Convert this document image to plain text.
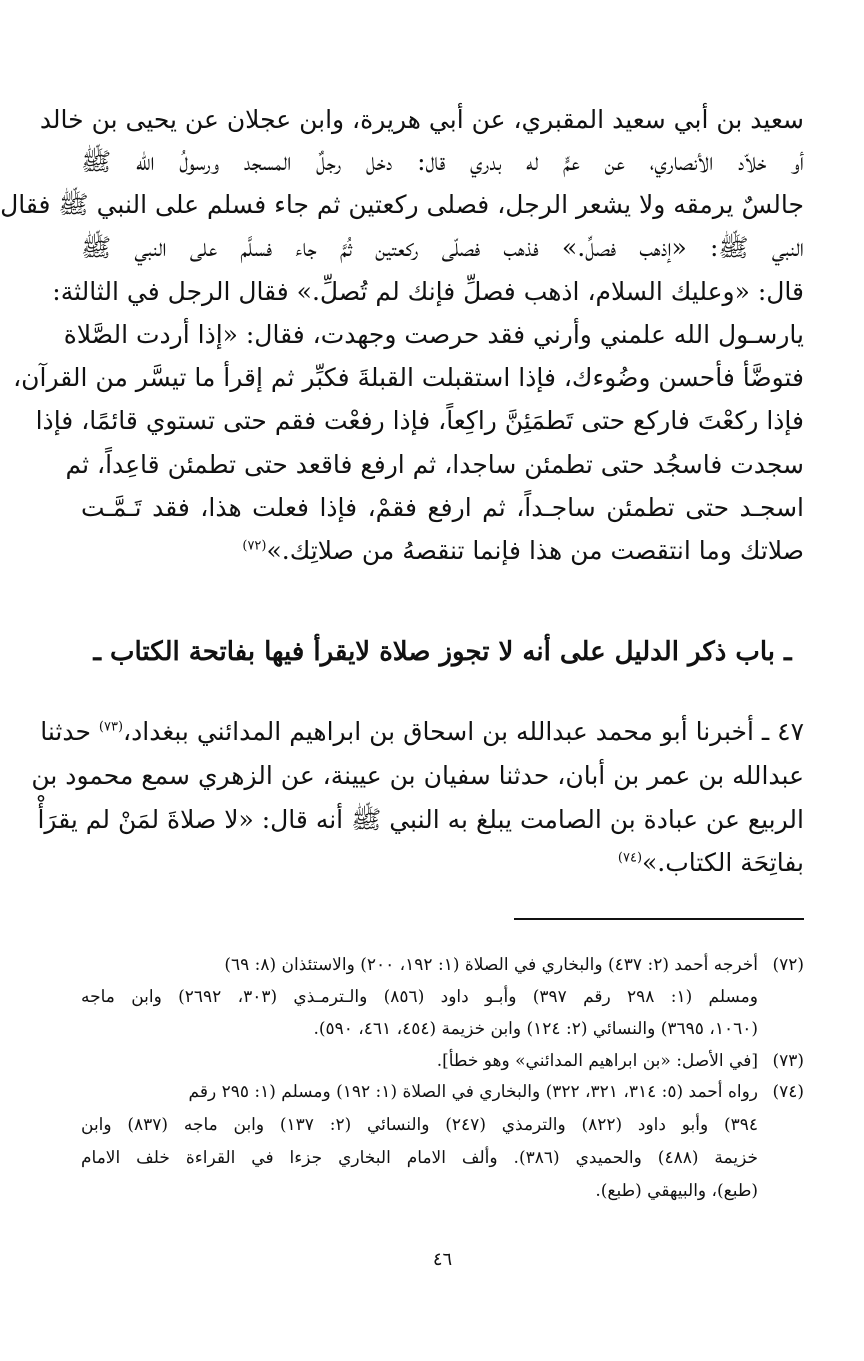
سعيد بن أبي سعيد المقبري، عن أبي هريرة، وابن عجلان عن يحيى بن خالد
أو خلاّد الأنصاري، عن عمٍّ له بدري قال: دخل رجلٌ المسجد ورسولُ الله ﷺ
جالسٌ يرمقه ولا يشعر الرجل، فصلى ركعتين ثم جاء فسلم على النبي ﷺ فقال
النبي ﷺ: «إذهب فصلِّ.» فذهب فصلّى ركعتين ثُمَّ جاء فسلَّم على النبي ﷺ
قال: «وعليك السلام، اذهب فصلِّ فإنك لم تُصلِّ.» فقال الرجل في الثالثة:
يارسـول الله علمني وأرني فقد حرصت وجهدت، فقال: «إذا أردت الصَّلاة
فتوضَّأ فأحسن وضُوءك، فإذا استقبلت القبلةَ فكبِّر ثم إقرأ ما تيسَّر من القرآن،
فإذا ركعْتَ فاركع حتى تَطمَئِنَّ راكِعاً، فإذا رفعْت فقم حتى تستوي قائمًا، فإذا
سجدت فاسجُد حتى تطمئن ساجدا، ثم ارفع فاقعد حتى تطمئن قاعِداً، ثم
اسجـد حتى تطمئن ساجـداً، ثم ارفع فقمْ، فإذا فعلت هذا، فقد تَـمَّـت
صلاتك وما انتقصت من هذا فإنما تنقصهُ من صلاتِك.»$^{(٧٢)}$
ـ باب ذكر الدليل على أنه لا تجوز صلاة لايقرأ فيها بفاتحة الكتاب ـ
٤٧ ـ أخبرنا أبو محمد عبدالله بن اسحاق بن ابراهيم المدائني ببغداد،$^{(٧٣)}$ حدثنا
عبدالله بن عمر بن أبان، حدثنا سفيان بن عيينة، عن الزهري سمع محمود بن
الربيع عن عبادة بن الصامت يبلغ به النبي ﷺ أنه قال: «لا صلاةَ لمَنْ لم يقرَأْ
بفاتِحَة الكتاب.»$^{(٧٤)}$
(٧٢)أخرجه أحمد (٢: ٤٣٧) والبخاري في الصلاة (١: ١٩٢، ٢٠٠) والاستئذان (٨: ٦٩)
ومسلم (١: ٢٩٨ رقم ٣٩٧) وأبـو داود (٨٥٦) والـترمـذي (٣٠٣، ٢٦٩٢) وابن ماجه
(١٠٦٠، ٣٦٩٥) والنسائي (٢: ١٢٤) وابن خزيمة (٤٥٤، ٤٦١، ٥٩٠).
(٧٣)[في الأصل: «بن ابراهيم المدائني» وهو خطأ].
(٧٤)رواه أحمد (٥: ٣١٤، ٣٢١، ٣٢٢) والبخاري في الصلاة (١: ١٩٢) ومسلم (١: ٢٩٥ رقم
٣٩٤) وأبو داود (٨٢٢) والترمذي (٢٤٧) والنسائي (٢: ١٣٧) وابن ماجه (٨٣٧) وابن
خزيمة (٤٨٨) والحميدي (٣٨٦). وألف الامام البخاري جزءا في القراءة خلف الامام
(طبع)، والبيهقي (طبع).
٤٦
